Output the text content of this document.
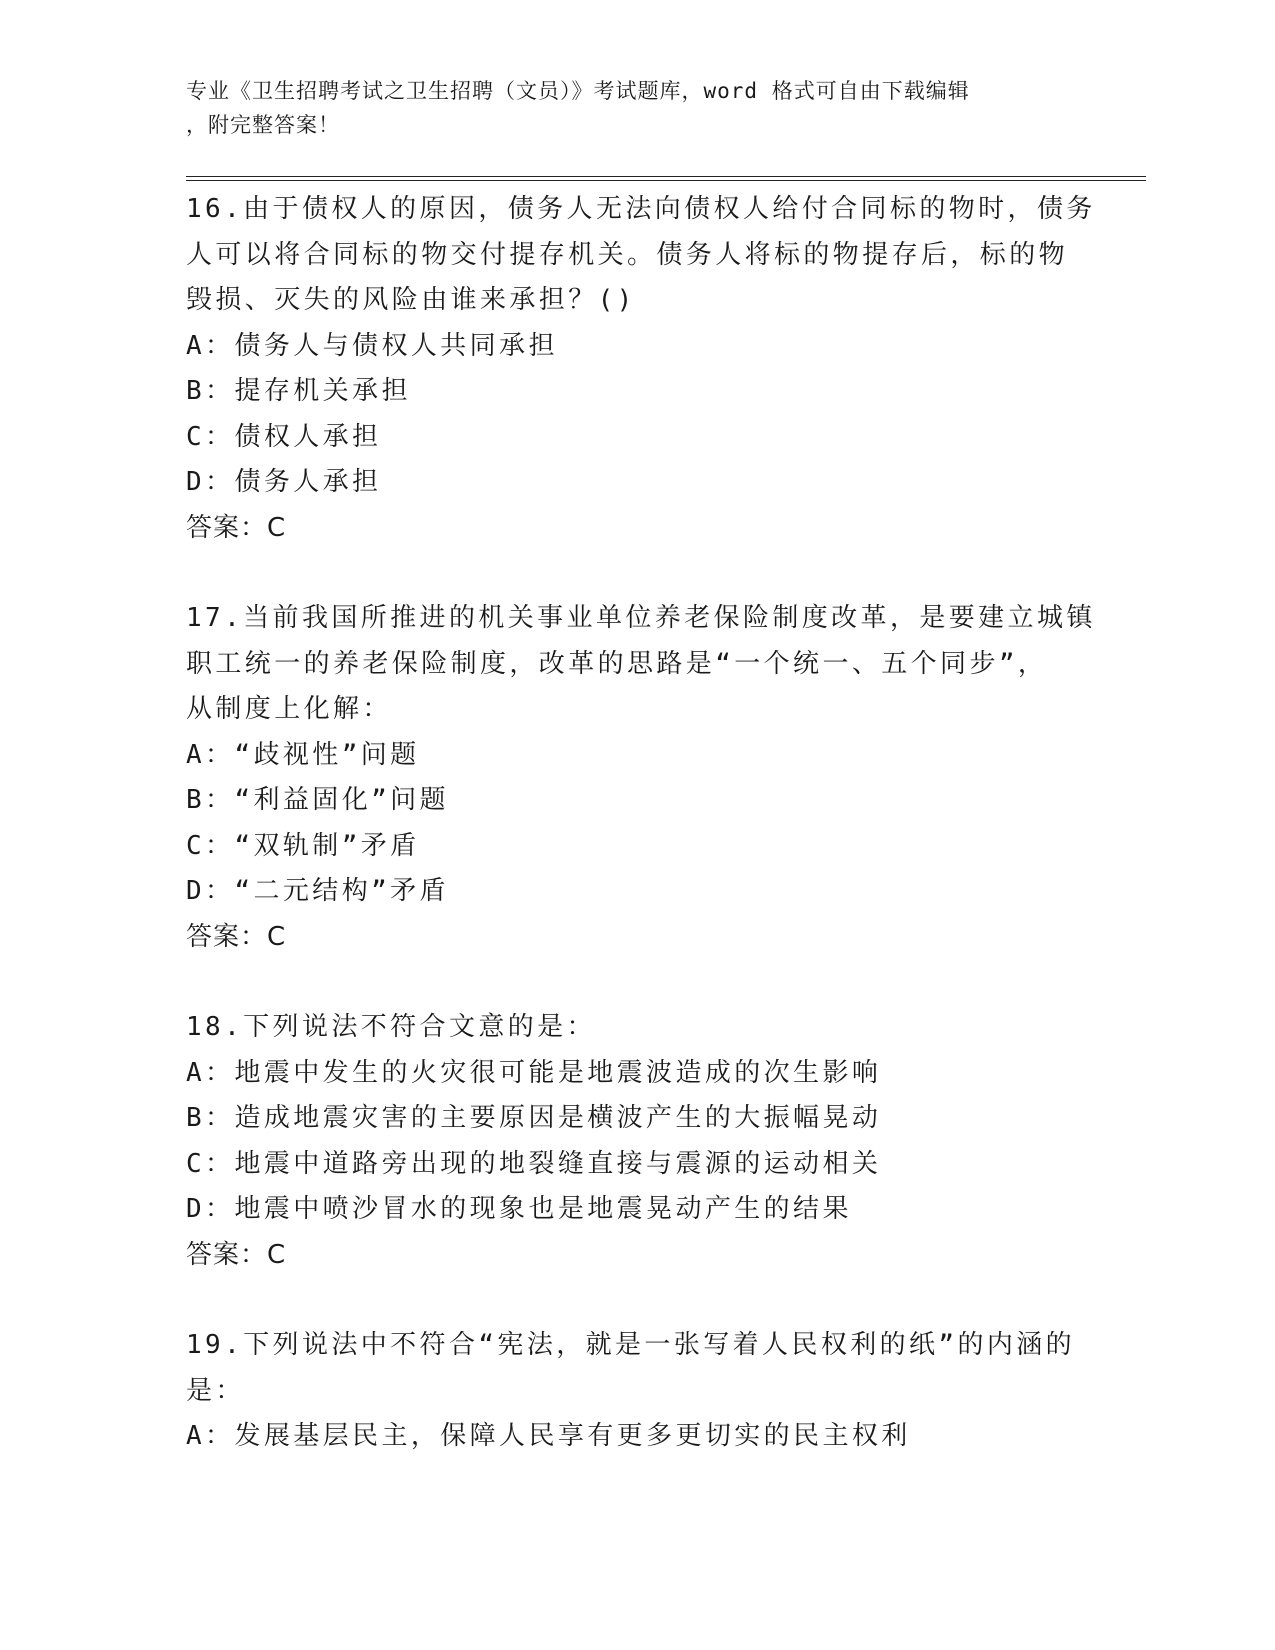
专业《卫生招聘考试之卫生招聘（文员）》考试题库，word 格式可自由下载编辑
，附完整答案！
16.由于债权人的原因，债务人无法向债权人给付合同标的物时，债务
人可以将合同标的物交付提存机关。债务人将标的物提存后，标的物
毁损、灭失的风险由谁来承担？()
A：债务人与债权人共同承担
B：提存机关承担
C：债权人承担
D：债务人承担
答案：C
17.当前我国所推进的机关事业单位养老保险制度改革，是要建立城镇
职工统一的养老保险制度，改革的思路是“一个统一、五个同步”，
从制度上化解：
A：“歧视性”问题
B：“利益固化”问题
C：“双轨制”矛盾
D：“二元结构”矛盾
答案：C
18.下列说法不符合文意的是：
A：地震中发生的火灾很可能是地震波造成的次生影响
B：造成地震灾害的主要原因是横波产生的大振幅晃动
C：地震中道路旁出现的地裂缝直接与震源的运动相关
D：地震中喷沙冒水的现象也是地震晃动产生的结果
答案：C
19.下列说法中不符合“宪法，就是一张写着人民权利的纸”的内涵的
是：
A：发展基层民主，保障人民享有更多更切实的民主权利
